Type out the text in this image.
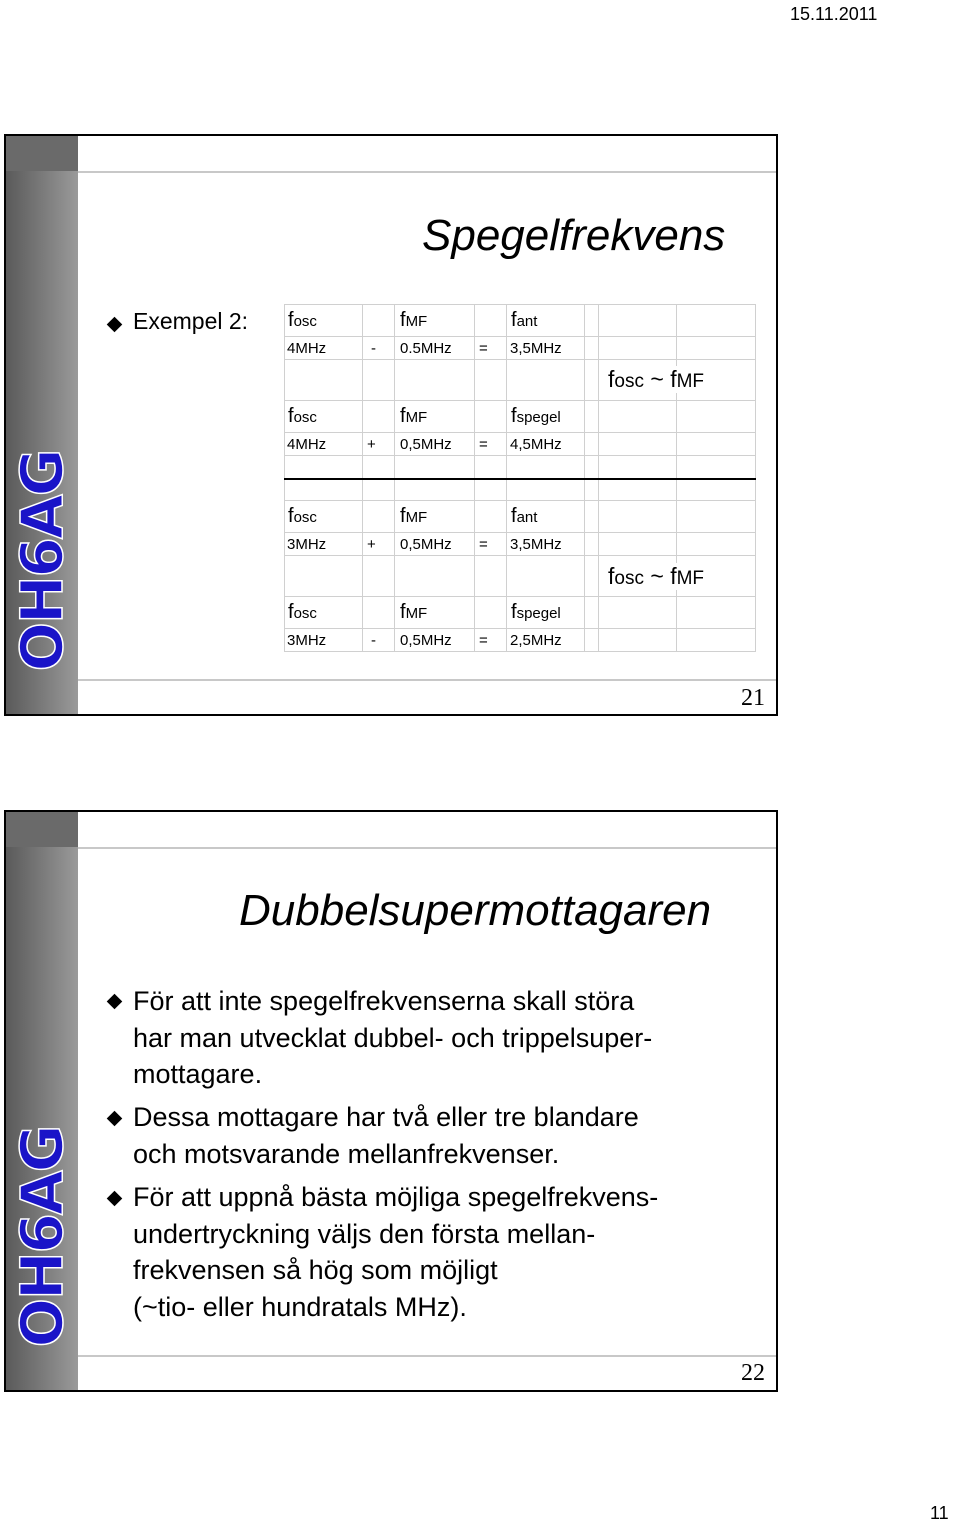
15.11.2011
OH6AG
Spegelfrekvens
Exempel 2: fosc	fMF	fant
4MHz	- 0.5MHz = 3,5MHz
fosc	fMF	fspegel
4MHz	+ 0,5MHz = 4,5MHz
fosc ~ fMF
fosc	fMF	fant
3MHz	+ 0,5MHz = 3,5MHz
fosc	fMF	fspegel
3MHz	- 0,5MHz = 2,5MHz
fosc ~ fMF
21
OH6AG
Dubbelsupermottagaren
För att inte spegelfrekvenserna skall störa
har man utvecklat dubbel- och trippelsuper-
mottagare.
Dessa mottagare har två eller tre blandare
och motsvarande mellanfrekvenser.
För att uppnå bästa möjliga spegelfrekvens-
undertryckning väljs den första mellan-
frekvensen så hög som möjligt
(~tio- eller hundratals MHz).
22
11
